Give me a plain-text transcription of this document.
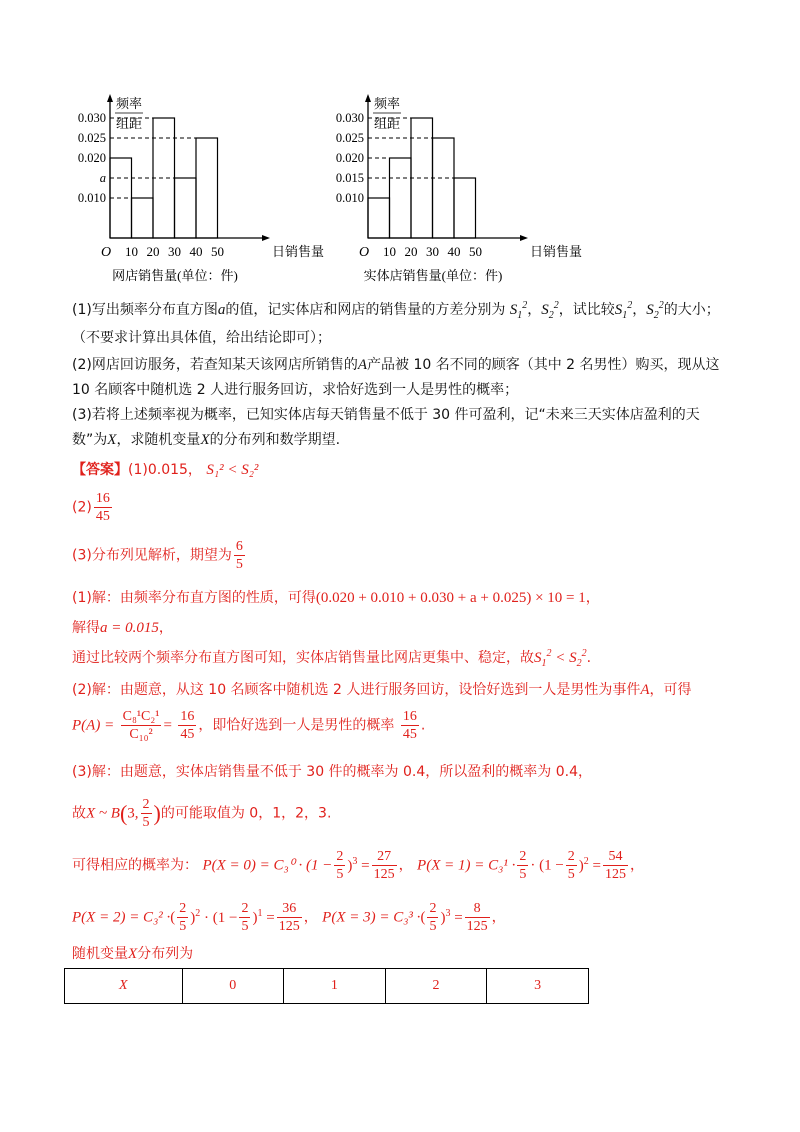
频率
组距
0.030
0.025
0.020
a
0.010
O 10 20 30 40 50	日销售量
网店销售量(单位：件)
频率
组距
0.030
0.025
0.020
0.015
0.010
O 10 20 30 40 50	日销售量
实体店销售量(单位：件)
(1)写出频率分布直方图a的值，记实体店和网店的销售量的方差分别为 $S_1^2$，$S_2^2$，试比较$S_1^2$，$S_2^2$的大小；
（不要求计算出具体值，给出结论即可）；
(2)网店回访服务，若查知某天该网店所销售的A产品被 10 名不同的顾客（其中 2 名男性）购买，现从这
10 名顾客中随机选 2 人进行服务回访，求恰好选到一人是男性的概率；
(3)若将上述频率视为概率，已知实体店每天销售量不低于 30 件可盈利，记“未来三天实体店盈利的天
数”为X，求随机变量X的分布列和数学期望.
【答案】(1)0.015， S₁² < S₂²
$(2) \frac{16}{45}$
(3)分布列见解析，期望为 $\frac{6}{5}$
(1)解：由频率分布直方图的性质，可得(0.020 + 0.010 + 0.030 + a + 0.025) × 10 = 1，
解得a = 0.015，
通过比较两个频率分布直方图可知，实体店销售量比网店更集中、稳定，故$S_1^2 < S_2^2$.
(2)解：由题意，从这 10 名顾客中随机选 2 人进行服务回访，设恰好选到一人是男性为事件A，可得
$P(A) = \frac{\text{C₈¹C₂¹}}{\text{C₁₀²}} = \frac{16}{45}$ ，即恰好选到一人是男性的概率 $\frac{16}{45}$ .
(3)解：由题意，实体店销售量不低于 30 件的概率为 0.4，所以盈利的概率为 0.4，
故X ~ B(3, $\frac{2}{5}$ )的可能取值为 0，1，2，3.
可得相应的概率为： $P(X = 0) = C_3^0 \cdot (1 - \frac{2}{5} )^3 = \frac{27}{125}$ ， $P(X = 1) = C_3^1 \cdot \frac{2}{5} \cdot (1 - \frac{2}{5} )^2 = \frac{54}{125}$ ，
P(X = 2) = C₃² ·( $\frac{2}{5} )^2 \cdot (1 - \frac{2}{5} )^1 = \frac{36}{125}$ ， P(X = 3) = C₃³ ·( $\frac{2}{5} )^3 = \frac{8}{125}$ ，
随机变量X分布列为
X	0	1	2	3
